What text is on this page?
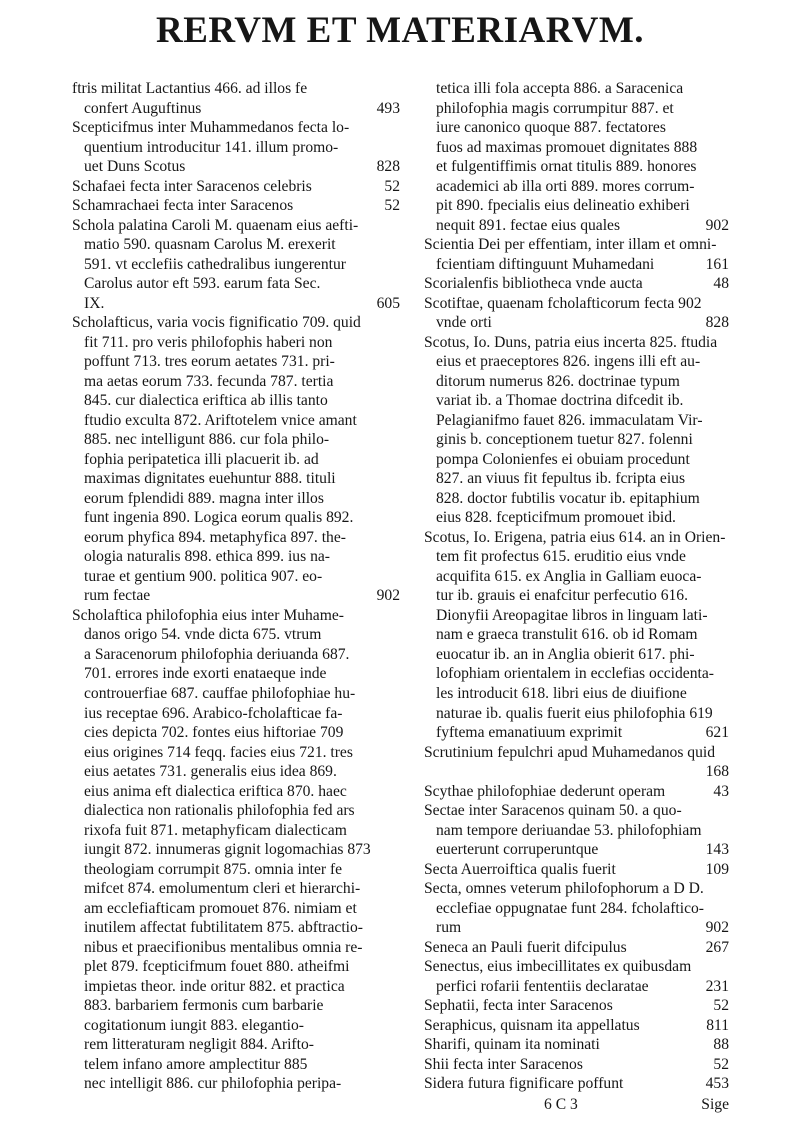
RERVM ET MATERIARVM.
ftris militat Lactantius 466. ad illos fe
confert Auguftinus	493
Scepticifmus inter Muhammedanos fecta lo-
quentium introducitur 141. illum promo-
uet Duns Scotus	828
Schafaei fecta inter Saracenos celebris	52
Schamrachaei fecta inter Saracenos	52
Schola palatina Caroli M. quaenam eius aefti-
matio 590. quasnam Carolus M. erexerit
591. vt ecclefiis cathedralibus iungerentur
Carolus autor eft 593. earum fata Sec.
IX.	605
Scholafticus, varia vocis fignificatio 709. quid
fit 711. pro veris philofophis haberi non
poffunt 713. tres eorum aetates 731. pri-
ma aetas eorum 733. fecunda 787. tertia
845. cur dialectica eriftica ab illis tanto
ftudio exculta 872. Ariftotelem vnice amant
885. nec intelligunt 886. cur fola philo-
fophia peripatetica illi placuerit ib. ad
maximas dignitates euehuntur 888. tituli
eorum fplendidi 889. magna inter illos
funt ingenia 890. Logica eorum qualis 892.
eorum phyfica 894. metaphyfica 897. the-
ologia naturalis 898. ethica 899. ius na-
turae et gentium 900. politica 907. eo-
rum fectae	902
Scholaftica philofophia eius inter Muhame-
danos origo 54. vnde dicta 675. vtrum
a Saracenorum philofophia deriuanda 687.
701. errores inde exorti enataeque inde
controuerfiae 687. cauffae philofophiae hu-
ius receptae 696. Arabico-fcholafticae fa-
cies depicta 702. fontes eius hiftoriae 709
eius origines 714 feqq. facies eius 721. tres
eius aetates 731. generalis eius idea 869.
eius anima eft dialectica eriftica 870. haec
dialectica non rationalis philofophia fed ars
rixofa fuit 871. metaphyficam dialecticam
iungit 872. innumeras gignit logomachias 873
theologiam corrumpit 875. omnia inter fe
mifcet 874. emolumentum cleri et hierarchi-
am ecclefiafticam promouet 876. nimiam et
inutilem affectat fubtilitatem 875. abftractio-
nibus et praecifionibus mentalibus omnia re-
plet 879. fcepticifmum fouet 880. atheifmi
impietas theor. inde oritur 882. et practica
883. barbariem fermonis cum barbarie
cogitationum iungit 883. elegantio-
rem litteraturam negligit 884. Arifto-
telem infano amore amplectitur 885
nec intelligit 886. cur philofophia peripa-
tetica illi fola accepta 886. a Saracenica
philofophia magis corrumpitur 887. et
iure canonico quoque 887. fectatores
fuos ad maximas promouet dignitates 888
et fulgentiffimis ornat titulis 889. honores
academici ab illa orti 889. mores corrum-
pit 890. fpecialis eius delineatio exhiberi
nequit 891. fectae eius quales	902
Scientia Dei per effentiam, inter illam et omni-
fcientiam diftinguunt Muhamedani	161
Scorialenfis bibliotheca vnde aucta	48
Scotiftae, quaenam fcholafticorum fecta 902
vnde orti	828
Scotus, Io. Duns, patria eius incerta 825. ftudia
eius et praeceptores 826. ingens illi eft au-
ditorum numerus 826. doctrinae typum
variat ib. a Thomae doctrina difcedit ib.
Pelagianifmo fauet 826. immaculatam Vir-
ginis b. conceptionem tuetur 827. folenni
pompa Colonienfes ei obuiam procedunt
827. an viuus fit fepultus ib. fcripta eius
828. doctor fubtilis vocatur ib. epitaphium
eius 828. fcepticifmum promouet ibid.
Scotus, Io. Erigena, patria eius 614. an in Orien-
tem fit profectus 615. eruditio eius vnde
acquifita 615. ex Anglia in Galliam euoca-
tur ib. grauis ei enafcitur perfecutio 616.
Dionyfii Areopagitae libros in linguam lati-
nam e graeca transtulit 616. ob id Romam
euocatur ib. an in Anglia obierit 617. phi-
lofophiam orientalem in ecclefias occidenta-
les introducit 618. libri eius de diuifione
naturae ib. qualis fuerit eius philofophia 619
fyftema emanatiuum exprimit	621
Scrutinium fepulchri apud Muhamedanos quid
168
Scythae philofophiae dederunt operam	43
Sectae inter Saracenos quinam 50. a quo-
nam tempore deriuandae 53. philofophiam
euerterunt corruperuntque	143
Secta Auerroiftica qualis fuerit	109
Secta, omnes veterum philofophorum a D D.
ecclefiae oppugnatae funt 284. fcholaftico-
rum	902
Seneca an Pauli fuerit difcipulus	267
Senectus, eius imbecillitates ex quibusdam
perfici rofarii fententiis declaratae	231
Sephatii, fecta inter Saracenos	52
Seraphicus, quisnam ita appellatus	811
Sharifi, quinam ita nominati	88
Shii fecta inter Saracenos	52
Sidera futura fignificare poffunt	453
6 C 3	Sige
